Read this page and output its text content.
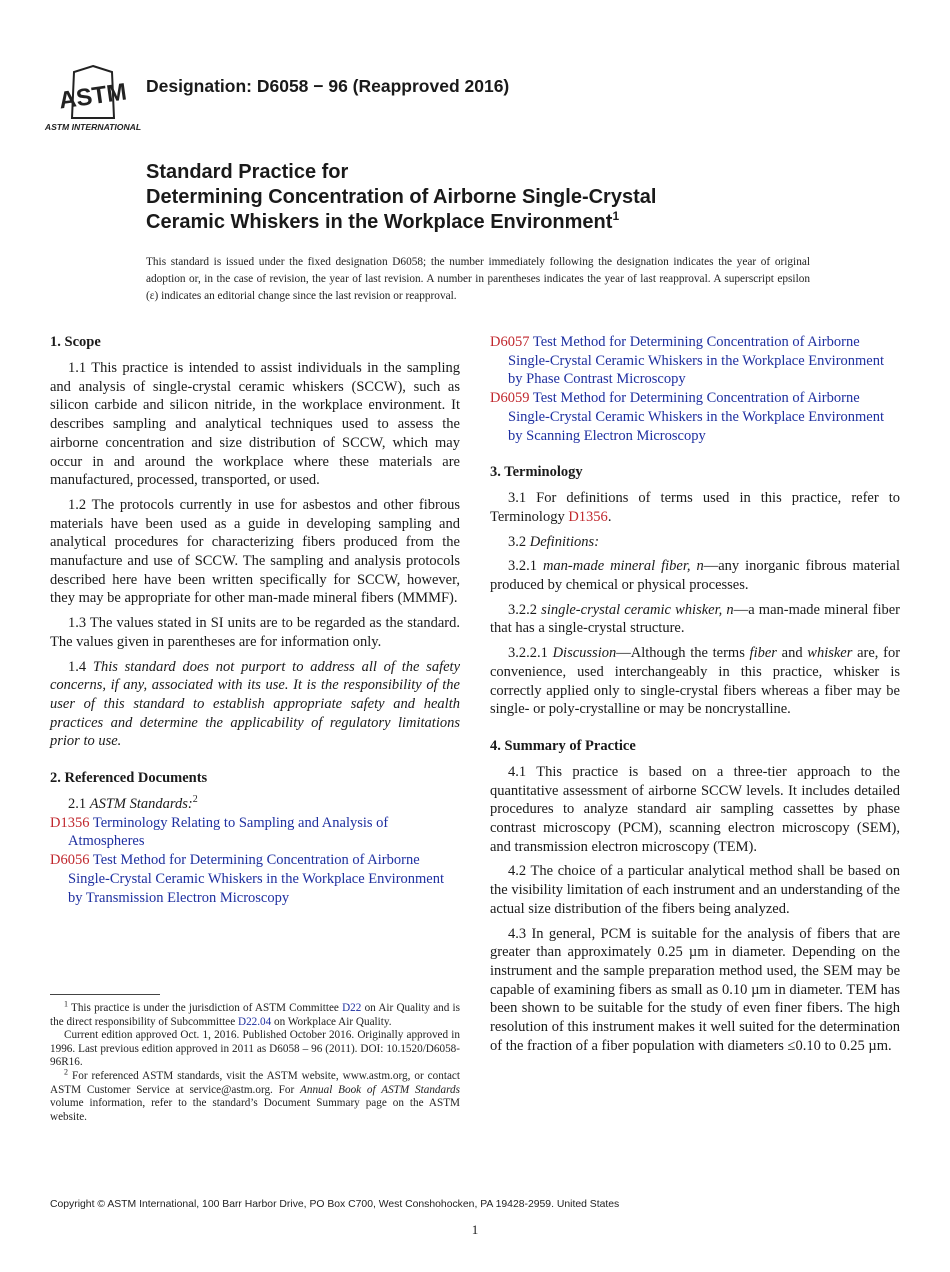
ASTM
ASTM INTERNATIONAL
Designation: D6058 − 96 (Reapproved 2016)
Standard Practice for
Determining Concentration of Airborne Single-Crystal
Ceramic Whiskers in the Workplace Environment$^1$
This standard is issued under the fixed designation D6058; the number immediately following the designation indicates the year of original adoption or, in the case of revision, the year of last revision. A number in parentheses indicates the year of last reapproval. A superscript epsilon (ε) indicates an editorial change since the last revision or reapproval.
1. Scope

1.1 This practice is intended to assist individuals in the sampling and analysis of single-crystal ceramic whiskers (SCCW), such as silicon carbide and silicon nitride, in the workplace environment. It describes sampling and analytical techniques used to assess the airborne concentration and size distribution of SCCW, which may occur in and around the workplace where these materials are manufactured, processed, transported, or used.

1.2 The protocols currently in use for asbestos and other fibrous materials have been used as a guide in developing sampling and analytical procedures for characterizing fibers produced from the manufacture and use of SCCW. The sampling and analysis protocols described here have been written specifically for SCCW, however, they may be appropriate for other man-made mineral fibers (MMMF).

1.3 The values stated in SI units are to be regarded as the standard. The values given in parentheses are for information only.

1.4 This standard does not purport to address all of the safety concerns, if any, associated with its use. It is the responsibility of the user of this standard to establish appropriate safety and health practices and determine the applicability of regulatory limitations prior to use.

2. Referenced Documents

2.1 ASTM Standards:$^2$

D1356 Terminology Relating to Sampling and Analysis of Atmospheres
D6056 Test Method for Determining Concentration of Airborne Single-Crystal Ceramic Whiskers in the Workplace Environment by Transmission Electron Microscopy
D6057 Test Method for Determining Concentration of Airborne Single-Crystal Ceramic Whiskers in the Workplace Environment by Phase Contrast Microscopy
D6059 Test Method for Determining Concentration of Airborne Single-Crystal Ceramic Whiskers in the Workplace Environment by Scanning Electron Microscopy
3. Terminology

3.1 For definitions of terms used in this practice, refer to Terminology D1356.

3.2 Definitions:

3.2.1 man-made mineral fiber, n—any inorganic fibrous material produced by chemical or physical processes.

3.2.2 single-crystal ceramic whisker, n—a man-made mineral fiber that has a single-crystal structure.

3.2.2.1 Discussion—Although the terms fiber and whisker are, for convenience, used interchangeably in this practice, whisker is correctly applied only to single-crystal fibers whereas a fiber may be single- or poly-crystalline or may be noncrystalline.

4. Summary of Practice

4.1 This practice is based on a three-tier approach to the quantitative assessment of airborne SCCW levels. It includes detailed procedures to analyze standard air sampling cassettes by phase contrast microscopy (PCM), scanning electron microscopy (SEM), and transmission electron microscopy (TEM).

4.2 The choice of a particular analytical method shall be based on the visibility limitation of each instrument and an understanding of the actual size distribution of the fibers being analyzed.

4.3 In general, PCM is suitable for the analysis of fibers that are greater than approximately 0.25 µm in diameter. Depending on the instrument and the sample preparation method used, the SEM may be capable of examining fibers as small as 0.10 µm in diameter. TEM has been shown to be suitable for the study of even finer fibers. The high resolution of this instrument makes it well suited for the determination of the fraction of a fiber population with diameters ≤0.10 to 0.25 µm.

$^1$ This practice is under the jurisdiction of ASTM Committee D22 on Air Quality and is the direct responsibility of Subcommittee D22.04 on Workplace Air Quality.

Current edition approved Oct. 1, 2016. Published October 2016. Originally approved in 1996. Last previous edition approved in 2011 as D6058 – 96 (2011). DOI: 10.1520/D6058-96R16.

$^2$ For referenced ASTM standards, visit the ASTM website, www.astm.org, or contact ASTM Customer Service at service@astm.org. For Annual Book of ASTM Standards volume information, refer to the standard’s Document Summary page on the ASTM website.

Copyright © ASTM International, 100 Barr Harbor Drive, PO Box C700, West Conshohocken, PA 19428-2959. United States
1
